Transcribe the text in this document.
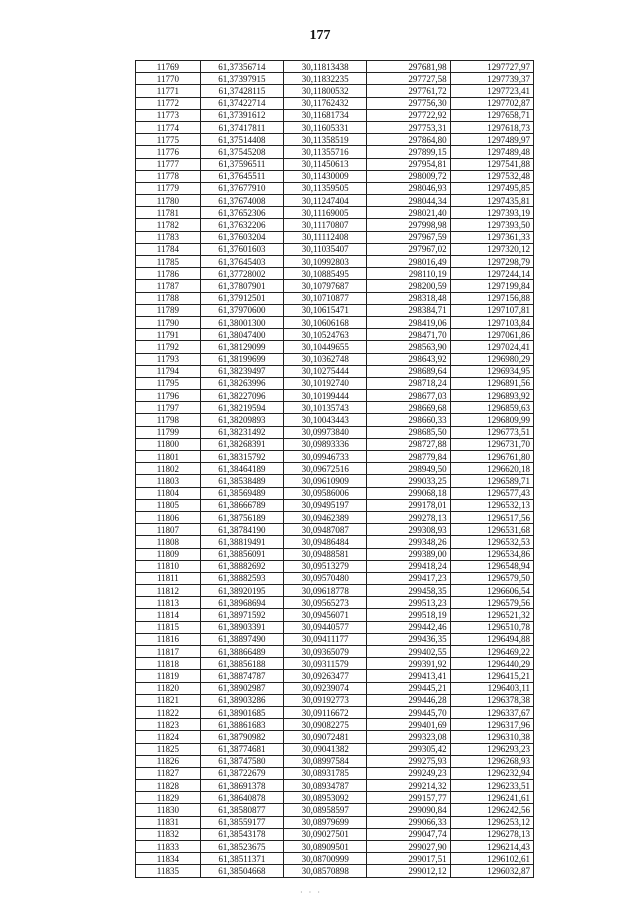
177
11769	61,37356714	30,11813438	297681,98	1297727,97
11770	61,37397915	30,11832235	297727,58	1297739,37
11771	61,37428115	30,11800532	297761,72	1297723,41
11772	61,37422714	30,11762432	297756,30	1297702,87
11773	61,37391612	30,11681734	297722,92	1297658,71
11774	61,37417811	30,11605331	297753,31	1297618,73
11775	61,37514408	30,11358519	297864,80	1297489,97
11776	61,37545208	30,11355716	297899,15	1297489,48
11777	61,37596511	30,11450613	297954,81	1297541,88
11778	61,37645511	30,11430009	298009,72	1297532,48
11779	61,37677910	30,11359505	298046,93	1297495,85
11780	61,37674008	30,11247404	298044,34	1297435,81
11781	61,37652306	30,11169005	298021,40	1297393,19
11782	61,37632206	30,11170807	297998,98	1297393,50
11783	61,37603204	30,11112408	297967,59	1297361,33
11784	61,37601603	30,11035407	297967,02	1297320,12
11785	61,37645403	30,10992803	298016,49	1297298,79
11786	61,37728002	30,10885495	298110,19	1297244,14
11787	61,37807901	30,10797687	298200,59	1297199,84
11788	61,37912501	30,10710877	298318,48	1297156,88
11789	61,37970600	30,10615471	298384,71	1297107,81
11790	61,38001300	30,10606168	298419,06	1297103,84
11791	61,38047400	30,10524763	298471,70	1297061,86
11792	61,38129099	30,10449655	298563,90	1297024,41
11793	61,38199699	30,10362748	298643,92	1296980,29
11794	61,38239497	30,10275444	298689,64	1296934,95
11795	61,38263996	30,10192740	298718,24	1296891,56
11796	61,38227096	30,10199444	298677,03	1296893,92
11797	61,38219594	30,10135743	298669,68	1296859,63
11798	61,38209893	30,10043443	298660,33	1296809,99
11799	61,38231492	30,09973840	298685,50	1296773,51
11800	61,38268391	30,09893336	298727,88	1296731,70
11801	61,38315792	30,09946733	298779,84	1296761,80
11802	61,38464189	30,09672516	298949,50	1296620,18
11803	61,38538489	30,09610909	299033,25	1296589,71
11804	61,38569489	30,09586006	299068,18	1296577,43
11805	61,38666789	30,09495197	299178,01	1296532,13
11806	61,38756189	30,09462389	299278,13	1296517,56
11807	61,38784190	30,09487087	299308,93	1296531,68
11808	61,38819491	30,09486484	299348,26	1296532,53
11809	61,38856091	30,09488581	299389,00	1296534,86
11810	61,38882692	30,09513279	299418,24	1296548,94
11811	61,38882593	30,09570480	299417,23	1296579,50
11812	61,38920195	30,09618778	299458,35	1296606,54
11813	61,38968694	30,09565273	299513,23	1296579,56
11814	61,38971592	30,09456071	299518,19	1296521,32
11815	61,38903391	30,09440577	299442,46	1296510,78
11816	61,38897490	30,09411177	299436,35	1296494,88
11817	61,38866489	30,09365079	299402,55	1296469,22
11818	61,38856188	30,09311579	299391,92	1296440,29
11819	61,38874787	30,09263477	299413,41	1296415,21
11820	61,38902987	30,09239074	299445,21	1296403,11
11821	61,38903286	30,09192773	299446,28	1296378,38
11822	61,38901685	30,09116672	299445,70	1296337,67
11823	61,38861683	30,09082275	299401,69	1296317,96
11824	61,38790982	30,09072481	299323,08	1296310,38
11825	61,38774681	30,09041382	299305,42	1296293,23
11826	61,38747580	30,08997584	299275,93	1296268,93
11827	61,38722679	30,08931785	299249,23	1296232,94
11828	61,38691378	30,08934787	299214,32	1296233,51
11829	61,38640878	30,08953092	299157,77	1296241,61
11830	61,38580877	30,08958597	299090,84	1296242,56
11831	61,38559177	30,08979699	299066,33	1296253,12
11832	61,38543178	30,09027501	299047,74	1296278,13
11833	61,38523675	30,08909501	299027,90	1296214,43
11834	61,38511371	30,08700999	299017,51	1296102,61
11835	61,38504668	30,08570898	299012,12	1296032,87
· · ·
